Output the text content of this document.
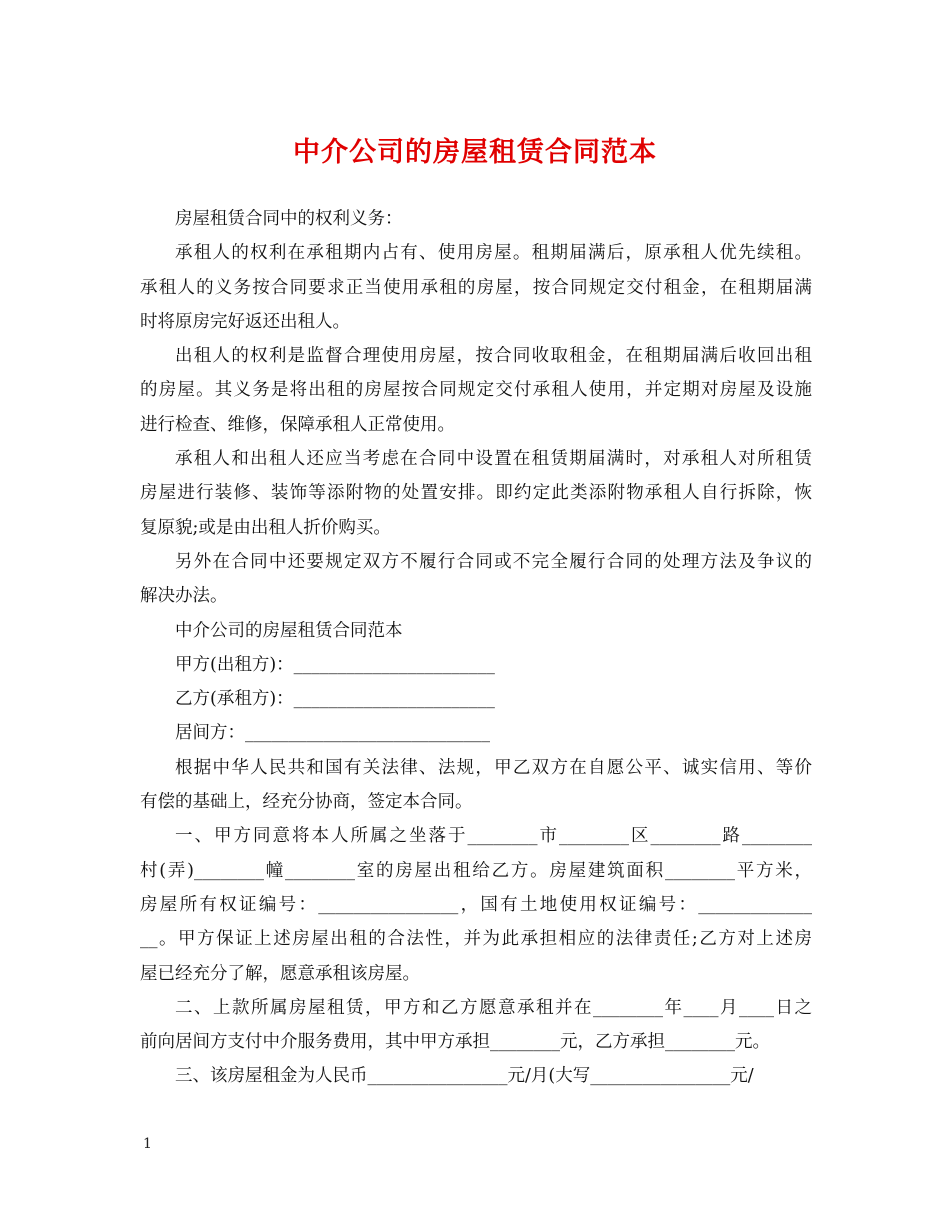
中介公司的房屋租赁合同范本
房屋租赁合同中的权利义务：
承租人的权利在承租期内占有、使用房屋。租期届满后，原承租人优先续租。
承租人的义务按合同要求正当使用承租的房屋，按合同规定交付租金，在租期届满
时将原房完好返还出租人。
出租人的权利是监督合理使用房屋，按合同收取租金，在租期届满后收回出租
的房屋。其义务是将出租的房屋按合同规定交付承租人使用，并定期对房屋及设施
进行检查、维修，保障承租人正常使用。
承租人和出租人还应当考虑在合同中设置在租赁期届满时，对承租人对所租赁
房屋进行装修、装饰等添附物的处置安排。即约定此类添附物承租人自行拆除，恢
复原貌;或是由出租人折价购买。
另外在合同中还要规定双方不履行合同或不完全履行合同的处理方法及争议的
解决办法。
中介公司的房屋租赁合同范本
甲方(出租方)：_______________________
乙方(承租方)：_______________________
居间方：____________________________
根据中华人民共和国有关法律、法规，甲乙双方在自愿公平、诚实信用、等价
有偿的基础上，经充分协商，签定本合同。
一、甲方同意将本人所属之坐落于________市________区________路________
村(弄)________幢________室的房屋出租给乙方。房屋建筑面积________平方米，
房屋所有权证编号：________________，国有土地使用权证编号：_____________
__。甲方保证上述房屋出租的合法性，并为此承担相应的法律责任;乙方对上述房
屋已经充分了解，愿意承租该房屋。
二、上款所属房屋租赁，甲方和乙方愿意承租并在________年____月____日之
前向居间方支付中介服务费用，其中甲方承担________元，乙方承担________元。
三、该房屋租金为人民币________________元/月(大写________________元/
1
